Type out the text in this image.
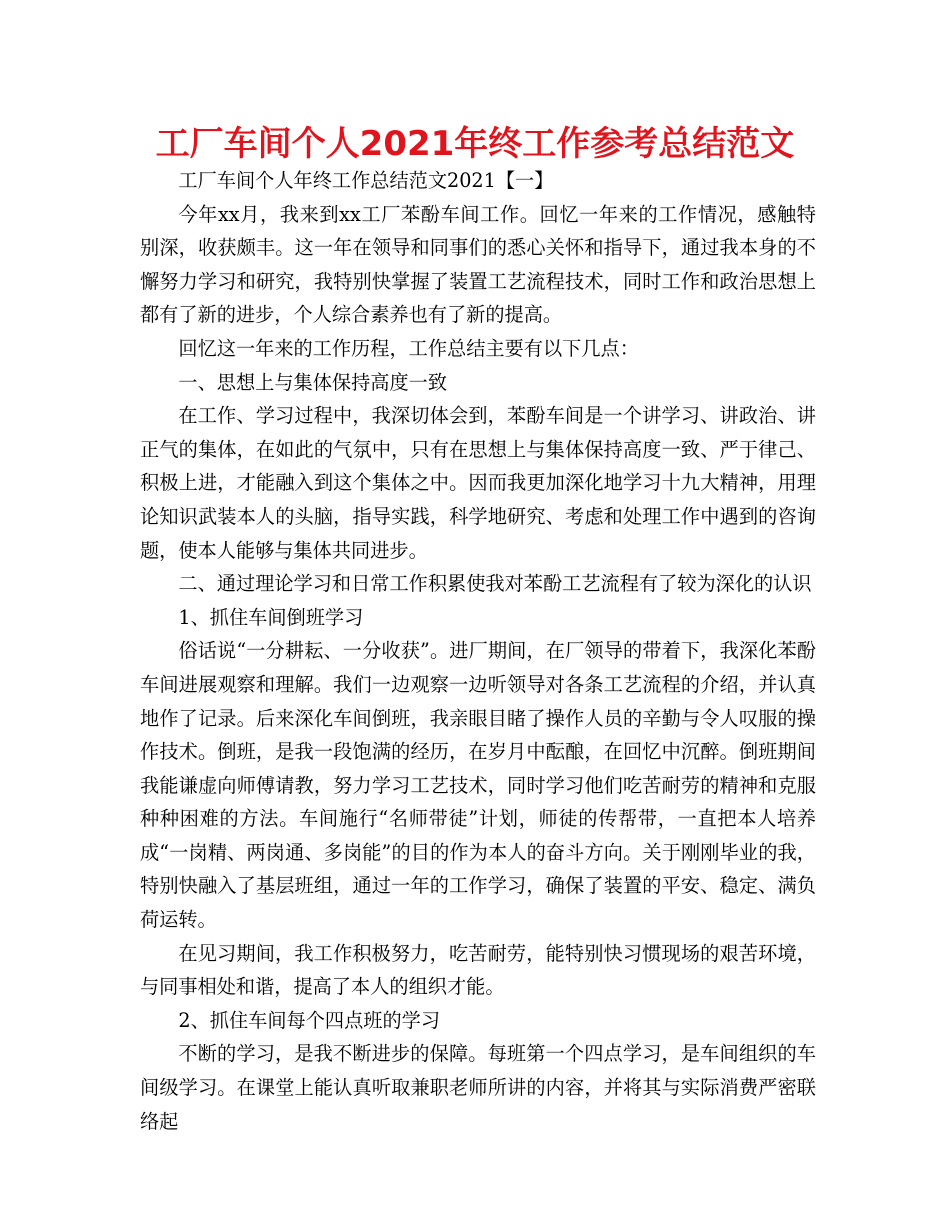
工厂车间个人2021年终工作参考总结范文

工厂车间个人年终工作总结范文2021【一】

今年xx月，我来到xx工厂苯酚车间工作。回忆一年来的工作情况，感触特别深，收获颇丰。这一年在领导和同事们的悉心关怀和指导下，通过我本身的不懈努力学习和研究，我特别快掌握了装置工艺流程技术，同时工作和政治思想上都有了新的进步，个人综合素养也有了新的提高。

回忆这一年来的工作历程，工作总结主要有以下几点：

一、思想上与集体保持高度一致

在工作、学习过程中，我深切体会到，苯酚车间是一个讲学习、讲政治、讲正气的集体，在如此的气氛中，只有在思想上与集体保持高度一致、严于律己、积极上进，才能融入到这个集体之中。因而我更加深化地学习十九大精神，用理论知识武装本人的头脑，指导实践，科学地研究、考虑和处理工作中遇到的咨询题，使本人能够与集体共同进步。

二、通过理论学习和日常工作积累使我对苯酚工艺流程有了较为深化的认识

1、抓住车间倒班学习

俗话说“一分耕耘、一分收获”。进厂期间，在厂领导的带着下，我深化苯酚车间进展观察和理解。我们一边观察一边听领导对各条工艺流程的介绍，并认真地作了记录。后来深化车间倒班，我亲眼目睹了操作人员的辛勤与令人叹服的操作技术。倒班，是我一段饱满的经历，在岁月中酝酿，在回忆中沉醉。倒班期间我能谦虚向师傅请教，努力学习工艺技术，同时学习他们吃苦耐劳的精神和克服种种困难的方法。车间施行“名师带徒”计划，师徒的传帮带，一直把本人培养成“一岗精、两岗通、多岗能”的目的作为本人的奋斗方向。关于刚刚毕业的我，特别快融入了基层班组，通过一年的工作学习，确保了装置的平安、稳定、满负荷运转。

在见习期间，我工作积极努力，吃苦耐劳，能特别快习惯现场的艰苦环境，与同事相处和谐，提高了本人的组织才能。

2、抓住车间每个四点班的学习

不断的学习，是我不断进步的保障。每班第一个四点学习，是车间组织的车间级学习。在课堂上能认真听取兼职老师所讲的内容，并将其与实际消费严密联络起
